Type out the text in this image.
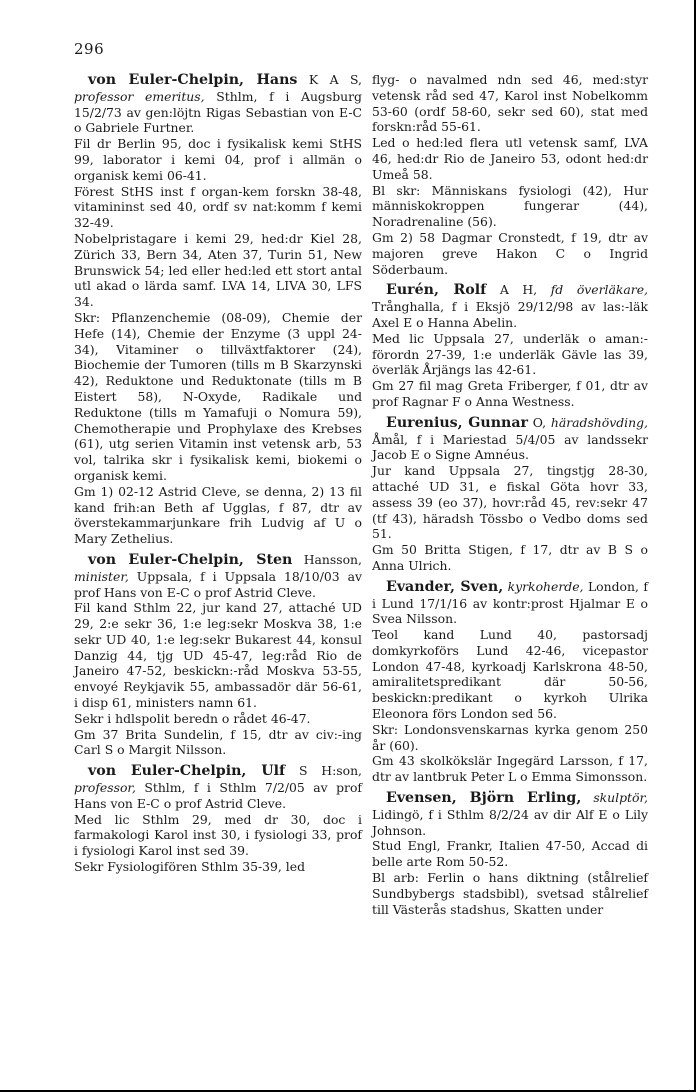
296

von Euler-Chelpin, Hans K A S, professor emeritus, Sthlm, f i Augsburg 15/2/73 av gen:löjtn Rigas Sebastian von E-C o Gabriele Furtner.

Fil dr Berlin 95, doc i fysikalisk kemi StHS 99, laborator i kemi 04, prof i allmän o organisk kemi 06-41.

Förest StHS inst f organ-kem forskn 38-48, vitamininst sed 40, ordf sv nat:komm f kemi 32-49.

Nobelpristagare i kemi 29, hed:dr Kiel 28, Zürich 33, Bern 34, Aten 37, Turin 51, New Brunswick 54; led eller hed:led ett stort antal utl akad o lärda samf. LVA 14, LIVA 30, LFS 34.

Skr: Pflanzenchemie (08-09), Chemie der Hefe (14), Chemie der Enzyme (3 uppl 24-34), Vitaminer o tillväxtfaktorer (24), Biochemie der Tumoren (tills m B Skarzynski 42), Reduktone und Reduktonate (tills m B Eistert 58), N-Oxyde, Radikale und Reduktone (tills m Yamafuji o Nomura 59), Chemotherapie und Prophylaxe des Krebses (61), utg serien Vitamin inst vetensk arb, 53 vol, talrika skr i fysikalisk kemi, biokemi o organisk kemi.

Gm 1) 02-12 Astrid Cleve, se denna, 2) 13 fil kand frih:an Beth af Ugglas, f 87, dtr av överstekammarjunkare frih Ludvig af U o Mary Zethelius.

von Euler-Chelpin, Sten Hansson, minister, Uppsala, f i Uppsala 18/10/03 av prof Hans von E-C o prof Astrid Cleve.

Fil kand Sthlm 22, jur kand 27, attaché UD 29, 2:e sekr 36, 1:e leg:sekr Moskva 38, 1:e sekr UD 40, 1:e leg:sekr Bukarest 44, konsul Danzig 44, tjg UD 45-47, leg:råd Rio de Janeiro 47-52, beskickn:-råd Moskva 53-55, envoyé Reykjavik 55, ambassadör där 56-61, i disp 61, ministers namn 61.

Sekr i hdlspolit beredn o rådet 46-47.

Gm 37 Brita Sundelin, f 15, dtr av civ:-ing Carl S o Margit Nilsson.

von Euler-Chelpin, Ulf S H:son, professor, Sthlm, f i Sthlm 7/2/05 av prof Hans von E-C o prof Astrid Cleve.

Med lic Sthlm 29, med dr 30, doc i farmakologi Karol inst 30, i fysiologi 33, prof i fysiologi Karol inst sed 39.

Sekr Fysiologifören Sthlm 35-39, led

flyg- o navalmed ndn sed 46, med:styr vetensk råd sed 47, Karol inst Nobelkomm 53-60 (ordf 58-60, sekr sed 60), stat med forskn:råd 55-61.

Led o hed:led flera utl vetensk samf, LVA 46, hed:dr Rio de Janeiro 53, odont hed:dr Umeå 58.

Bl skr: Människans fysiologi (42), Hur människokroppen fungerar (44), Noradrenaline (56).

Gm 2) 58 Dagmar Cronstedt, f 19, dtr av majoren greve Hakon C o Ingrid Söderbaum.

Eurén, Rolf A H, fd överläkare, Trånghalla, f i Eksjö 29/12/98 av las:-läk Axel E o Hanna Abelin.

Med lic Uppsala 27, underläk o aman:-förordn 27-39, 1:e underläk Gävle las 39, överläk Årjängs las 42-61.

Gm 27 fil mag Greta Friberger, f 01, dtr av prof Ragnar F o Anna Westness.

Eurenius, Gunnar O, häradshövding, Åmål, f i Mariestad 5/4/05 av landssekr Jacob E o Signe Amnéus.

Jur kand Uppsala 27, tingstjg 28-30, attaché UD 31, e fiskal Göta hovr 33, assess 39 (eo 37), hovr:råd 45, rev:sekr 47 (tf 43), häradsh Tössbo o Vedbo doms sed 51.

Gm 50 Britta Stigen, f 17, dtr av B S o Anna Ulrich.

Evander, Sven, kyrkoherde, London, f i Lund 17/1/16 av kontr:prost Hjalmar E o Svea Nilsson.

Teol kand Lund 40, pastorsadj domkyrkoförs Lund 42-46, vicepastor London 47-48, kyrkoadj Karlskrona 48-50, amiralitetspredikant där 50-56, beskickn:predikant o kyrkoh Ulrika Eleonora förs London sed 56.

Skr: Londonsvenskarnas kyrka genom 250 år (60).

Gm 43 skolkökslär Ingegärd Larsson, f 17, dtr av lantbruk Peter L o Emma Simonsson.

Evensen, Björn Erling, skulptör, Lidingö, f i Sthlm 8/2/24 av dir Alf E o Lily Johnson.

Stud Engl, Frankr, Italien 47-50, Accad di belle arte Rom 50-52.

Bl arb: Ferlin o hans diktning (stålrelief Sundbybergs stadsbibl), svetsad stålrelief till Västerås stadshus, Skatten under
